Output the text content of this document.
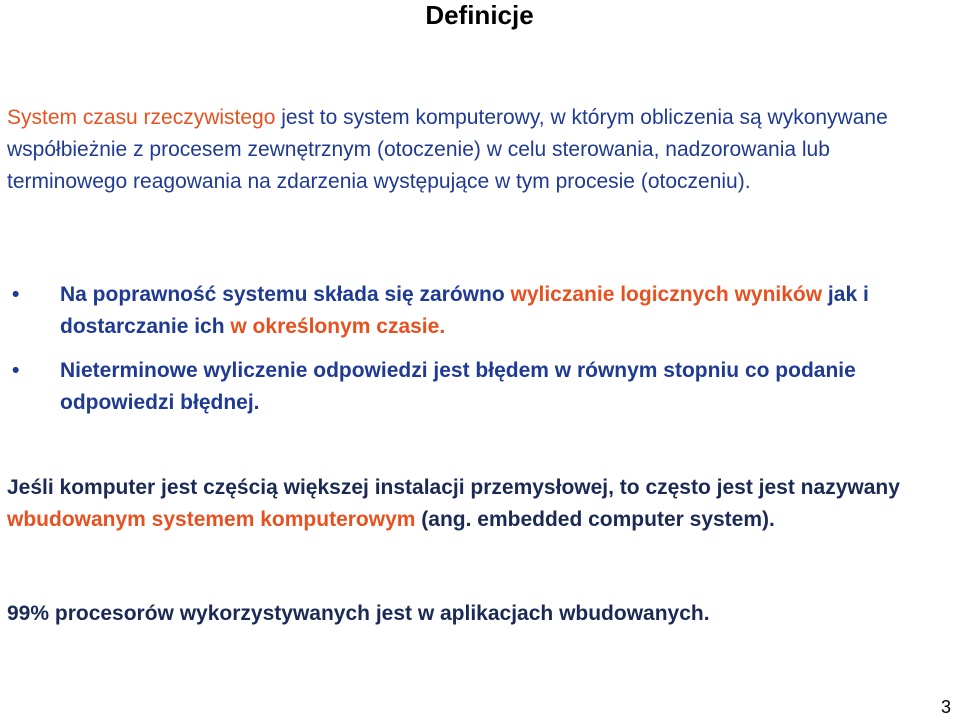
Definicje
System czasu rzeczywistego jest to system komputerowy, w którym obliczenia są wykonywane współbieżnie z procesem zewnętrznym (otoczenie) w celu sterowania, nadzorowania lub terminowego reagowania na zdarzenia występujące w tym procesie (otoczeniu).
• Na poprawność systemu składa się zarówno wyliczanie logicznych wyników jak i dostarczanie ich w określonym czasie.
• Nieterminowe wyliczenie odpowiedzi jest błędem w równym stopniu co podanie odpowiedzi błędnej.
Jeśli komputer jest częścią większej instalacji przemysłowej, to często jest jest nazywany wbudowanym systemem komputerowym (ang. embedded computer system).
99% procesorów wykorzystywanych jest w aplikacjach wbudowanych.
3
